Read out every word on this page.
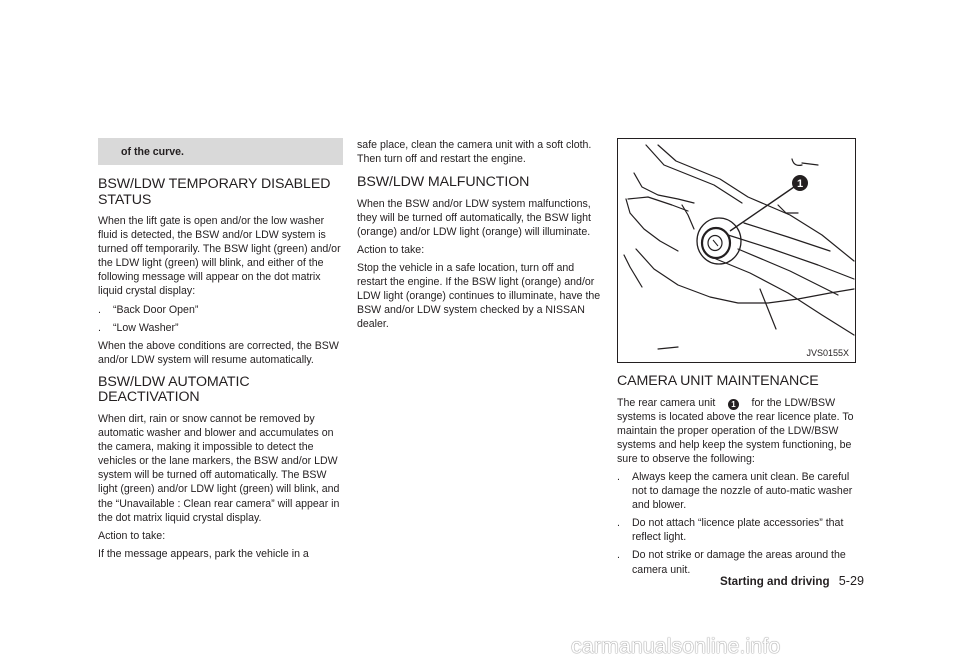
of the curve.
BSW/LDW TEMPORARY DISABLED STATUS

When the lift gate is open and/or the low washer fluid is detected, the BSW and/or LDW system is turned off temporarily. The BSW light (green) and/or the LDW light (green) will blink, and either of the following message will appear on the dot matrix liquid crystal display:

.	“Back Door Open”

.	“Low Washer”

When the above conditions are corrected, the BSW and/or LDW system will resume automatically.

BSW/LDW AUTOMATIC DEACTIVATION

When dirt, rain or snow cannot be removed by automatic washer and blower and accumulates on the camera, making it impossible to detect the vehicles or the lane markers, the BSW and/or LDW system will be turned off automatically. The BSW light (green) and/or LDW light (green) will blink, and the “Unavailable : Clean rear camera” will appear in the dot matrix liquid crystal display.

Action to take:

If the message appears, park the vehicle in a

safe place, clean the camera unit with a soft cloth. Then turn off and restart the engine.

BSW/LDW MALFUNCTION

When the BSW and/or LDW system malfunctions, they will be turned off automatically, the BSW light (orange) and/or LDW light (orange) will illuminate.

Action to take:

Stop the vehicle in a safe location, turn off and restart the engine. If the BSW light (orange) and/or LDW light (orange) continues to illuminate, have the BSW and/or LDW system checked by a NISSAN dealer.

1
JVS0155X
CAMERA UNIT MAINTENANCE

The rear camera unit  1  for the LDW/BSW systems is located above the rear licence plate. To maintain the proper operation of the LDW/BSW systems and help keep the system functioning, be sure to observe the following:

.	Always keep the camera unit clean. Be careful not to damage the nozzle of auto-matic washer and blower.

.	Do not attach “licence plate accessories” that reflect light.

.	Do not strike or damage the areas around the camera unit.

Starting and driving 5-29
carmanualsonline.info
